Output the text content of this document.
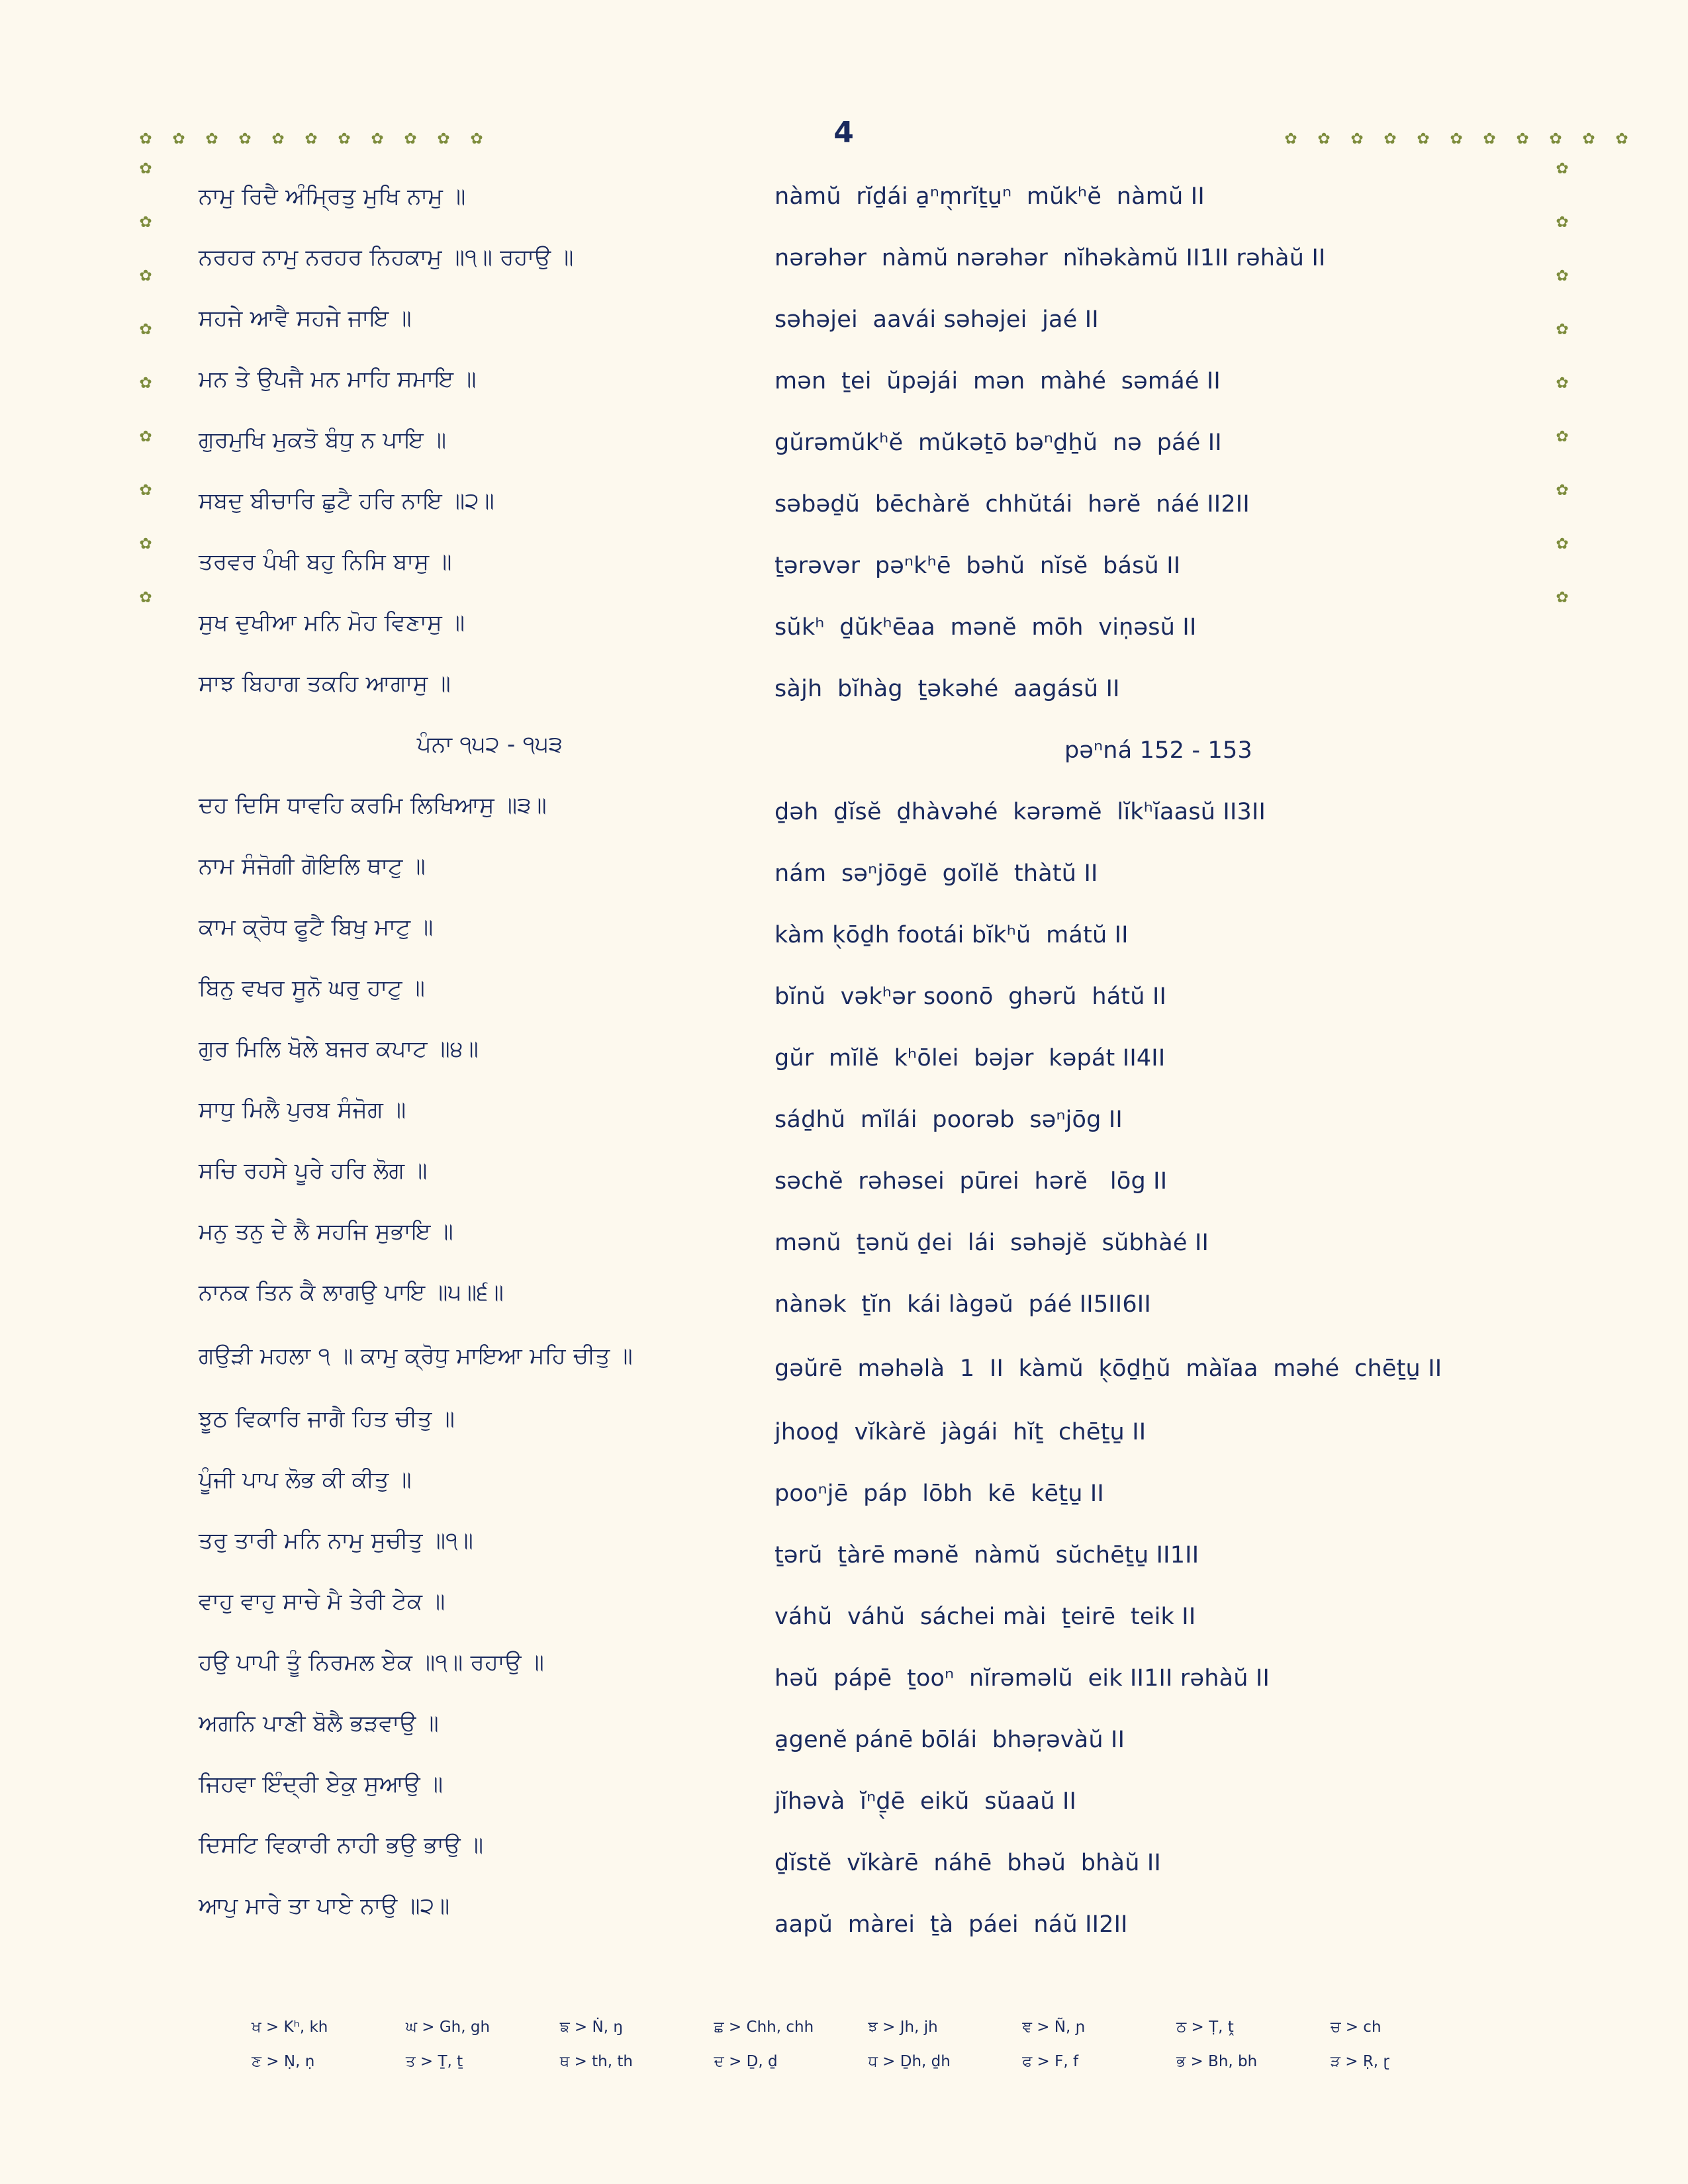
4
✿ ✿ ✿ ✿ ✿ ✿ ✿ ✿ ✿ ✿ ✿	✿ ✿ ✿ ✿ ✿ ✿ ✿ ✿ ✿ ✿ ✿
✿
✿
✿
✿
✿
✿
✿
✿
✿
✿
✿
✿
✿
✿
✿
✿
✿
✿
ਨਾਮੁ ਰਿਦੈ ਅੰਮ੍ਰਿਤੁ ਮੁਖਿ ਨਾਮੁ ॥
ਨਰਹਰ ਨਾਮੁ ਨਰਹਰ ਨਿਹਕਾਮੁ ॥੧॥ ਰਹਾਉ ॥
ਸਹਜੇ ਆਵੈ ਸਹਜੇ ਜਾਇ ॥
ਮਨ ਤੇ ਉਪਜੈ ਮਨ ਮਾਹਿ ਸਮਾਇ ॥
ਗੁਰਮੁਖਿ ਮੁਕਤੋ ਬੰਧੁ ਨ ਪਾਇ ॥
ਸਬਦੁ ਬੀਚਾਰਿ ਛੁਟੈ ਹਰਿ ਨਾਇ ॥੨॥
ਤਰਵਰ ਪੰਖੀ ਬਹੁ ਨਿਸਿ ਬਾਸੁ ॥
ਸੁਖ ਦੁਖੀਆ ਮਨਿ ਮੋਹ ਵਿਣਾਸੁ ॥
ਸਾਝ ਬਿਹਾਗ ਤਕਹਿ ਆਗਾਸੁ ॥
ਪੰਨਾ ੧੫੨ - ੧੫੩
ਦਹ ਦਿਸਿ ਧਾਵਹਿ ਕਰਮਿ ਲਿਖਿਆਸੁ ॥੩॥
ਨਾਮ ਸੰਜੋਗੀ ਗੋਇਲਿ ਥਾਟੁ ॥
ਕਾਮ ਕ੍ਰੋਧ ਫੂਟੈ ਬਿਖੁ ਮਾਟੁ ॥
ਬਿਨੁ ਵਖਰ ਸੂਨੋ ਘਰੁ ਹਾਟੁ ॥
ਗੁਰ ਮਿਲਿ ਖੋਲੇ ਬਜਰ ਕਪਾਟ ॥੪॥
ਸਾਧੁ ਮਿਲੈ ਪੁਰਬ ਸੰਜੋਗ ॥
ਸਚਿ ਰਹਸੇ ਪੂਰੇ ਹਰਿ ਲੋਗ ॥
ਮਨੁ ਤਨੁ ਦੇ ਲੈ ਸਹਜਿ ਸੁਭਾਇ ॥
ਨਾਨਕ ਤਿਨ ਕੈ ਲਾਗਉ ਪਾਇ ॥੫॥੬॥
ਗਉੜੀ ਮਹਲਾ ੧ ॥ ਕਾਮੁ ਕ੍ਰੋਧੁ ਮਾਇਆ ਮਹਿ ਚੀਤੁ ॥
ਝੂਠ ਵਿਕਾਰਿ ਜਾਗੈ ਹਿਤ ਚੀਤੁ ॥
ਪੂੰਜੀ ਪਾਪ ਲੋਭ ਕੀ ਕੀਤੁ ॥
ਤਰੁ ਤਾਰੀ ਮਨਿ ਨਾਮੁ ਸੁਚੀਤੁ ॥੧॥
ਵਾਹੁ ਵਾਹੁ ਸਾਚੇ ਮੈ ਤੇਰੀ ਟੇਕ ॥
ਹਉ ਪਾਪੀ ਤੂੰ ਨਿਰਮਲ ਏਕ ॥੧॥ ਰਹਾਉ ॥
ਅਗਨਿ ਪਾਣੀ ਬੋਲੈ ਭੜਵਾਉ ॥
ਜਿਹਵਾ ਇੰਦ੍ਰੀ ਏਕੁ ਸੁਆਉ ॥
ਦਿਸਟਿ ਵਿਕਾਰੀ ਨਾਹੀ ਭਉ ਭਾਉ ॥
ਆਪੁ ਮਾਰੇ ਤਾ ਪਾਏ ਨਾਉ ॥੨॥
nàmŭ  rĭḏái a̱ⁿm̖rĭṯu̱ⁿ  mŭkʰĕ  nàmŭ II
nərəhər  nàmŭ nərəhər  nĭhəkàmŭ II1II rəhàŭ II
səhəjei  aavái səhəjei  jaé II
mən  ṯei  ŭpəjái  mən  màhé  səmáé II
gŭrəmŭkʰĕ  mŭkəṯō bəⁿḏẖŭ  nə  páé II
səbəḏŭ  bēchàrĕ  chhŭtái  hərĕ  náé II2II
ṯərəvər  pəⁿkʰē  bəhŭ  nĭsĕ  básŭ II
sŭkʰ  ḏŭkʰēaa  mənĕ  mōh  viṇəsŭ II
sàjh  bĭhàg  ṯəkəhé  aagásŭ II
pəⁿná 152 - 153
ḏəh  ḏĭsĕ  ḏhàvəhé  kərəmĕ  lĭkʰĭaasŭ II3II
nám  səⁿjōgē  goĭlĕ  thàtŭ II
kàm k̖ōḏh footái bĭkʰŭ  mátŭ II
bĭnŭ  vəkʰər soonō  ghərŭ  hátŭ II
gŭr  mĭlĕ  kʰōlei  bəjər  kəpát II4II
sáḏhŭ  mĭlái  poorəb  səⁿjōg II
səchĕ  rəhəsei  pūrei  hərĕ   lōg II
mənŭ  ṯənŭ ḏei  lái  səhəjĕ  sŭbhàé II
nànək  ṯĭn  kái làgəŭ  páé II5II6II
gəŭrē  məhəlà  1  II  kàmŭ  k̖ōḏẖŭ  màĭaa  məhé  chēṯu̱ II
jhooḏ  vĭkàrĕ  jàgái  hĭṯ  chēṯu̱ II
pooⁿjē  páp  lōbh  kē  kēṯu̱ II
ṯərŭ  ṯàrē mənĕ  nàmŭ  sŭchēṯu̱ II1II
váhŭ  váhŭ  sáchei mài  ṯeirē  teik II
həŭ  pápē  ṯooⁿ  nĭrəməlŭ  eik II1II rəhàŭ II
a̱genĕ pánē bōlái  bhəṛəvàŭ II
jĭhəvà  ĭⁿḏ̖ē  eikŭ  sŭaaŭ II
ḏĭstĕ  vĭkàrē  náhē  bhəŭ  bhàŭ II
aapŭ  màrei  ṯà  páei  náŭ II2II
ਖ > Kʰ, kh	ਘ > Gh, gh	ਙ > Ṅ, ŋ	ਛ > Chh, chh	ਝ > Jh, jh	ਞ > Ñ, ɲ	ਠ > Ṭ, ṱ	ਚ > ch
ਣ > Ṇ, ṇ	ਤ > Ṯ, ṯ	ਥ > th, th	ਦ > Ḏ, ḏ	ਧ > Ḏh, ḏh	ਫ > F, f	ਭ > Bh, bh	ੜ > Ṛ, ɽ
